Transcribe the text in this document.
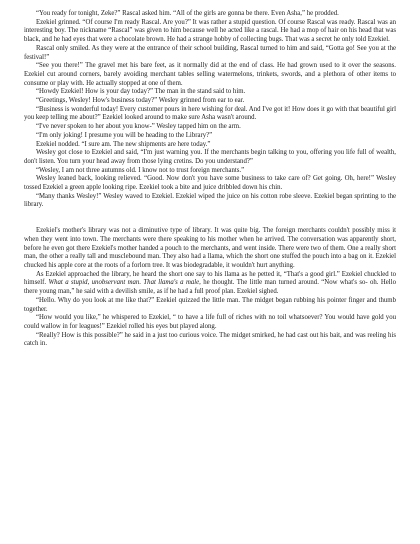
“You ready for tonight, Zeke?” Rascal asked him. “All of the girls are gonna be there. Even Asha,” he prodded.

Ezekiel grinned. “Of course I'm ready Rascal. Are you?” It was rather a stupid question. Of course Rascal was ready. Rascal was an interesting boy. The nickname “Rascal” was given to him because well he acted like a rascal. He had a mop of hair on his head that was black, and he had eyes that were a chocolate brown. He had a strange hobby of collecting bugs. That was a secret he only told Ezekiel.

Rascal only smiled. As they were at the entrance of their school building, Rascal turned to him and said, “Gotta go! See you at the festival!”

“See you there!” The gravel met his bare feet, as it normally did at the end of class. He had grown used to it over the seasons. Ezekiel cut around corners, barely avoiding merchant tables selling watermelons, trinkets, swords, and a plethora of other items to consume or play with. He actually stopped at one of them.

“Howdy Ezekiel! How is your day today?” The man in the stand said to him.

“Greetings, Wesley! How's business today?” Wesley grinned from ear to ear.

“Business is wonderful today! Every customer pours in here wishing for deal. And I've got it! How does it go with that beautiful girl you keep telling me about?” Ezekiel looked around to make sure Asha wasn't around.

“I've never spoken to her about you know-” Wesley tapped him on the arm.

“I'm only joking! I presume you will be heading to the Library?”

Ezekiel nodded. “I sure am. The new shipments are here today.”

Wesley got close to Ezekiel and said, “I'm just warning you. If the merchants begin talking to you, offering you life full of wealth, don't listen. You turn your head away from those lying cretins. Do you understand?”

“Wesley, I am not three autumns old. I know not to trust foreign merchants.”

Wesley leaned back, looking relieved. “Good. Now don't you have some business to take care of? Get going. Oh, here!” Wesley tossed Ezekiel a green apple looking ripe. Ezekiel took a bite and juice dribbled down his chin.

“Many thanks Wesley!” Wesley waved to Ezekiel. Ezekiel wiped the juice on his cotton robe sleeve. Ezekiel began sprinting to the library.

Ezekiel's mother's library was not a diminutive type of library. It was quite big. The foreign merchants couldn't possibly miss it when they went into town. The merchants were there speaking to his mother when he arrived. The conversation was apparently short, before he even got there Ezekiel's mother handed a pouch to the merchants, and went inside. There were two of them. One a really short man, the other a really tall and musclebound man. They also had a llama, which the short one stuffed the pouch into a bag on it. Ezekiel chucked his apple core at the roots of a forlorn tree. It was biodegradable, it wouldn't hurt anything.

As Ezekiel approached the library, he heard the short one say to his llama as he petted it, “That's a good girl.” Ezekiel chuckled to himself. What a stupid, unobservant man. That llama's a male, he thought. The little man turned around. “Now what's so- oh. Hello there young man,” he said with a devilish smile, as if he had a full proof plan. Ezekiel sighed.

“Hello. Why do you look at me like that?” Ezekiel quizzed the little man. The midget began rubbing his pointer finger and thumb together.

“How would you like,” he whispered to Ezekiel, “ to have a life full of riches with no toil whatsoever? You would have gold you could wallow in for leagues!” Ezekiel rolled his eyes but played along.

“Really? How is this possible?” he said in a just too curious voice. The midget smirked, he had cast out his bait, and was reeling his catch in.
